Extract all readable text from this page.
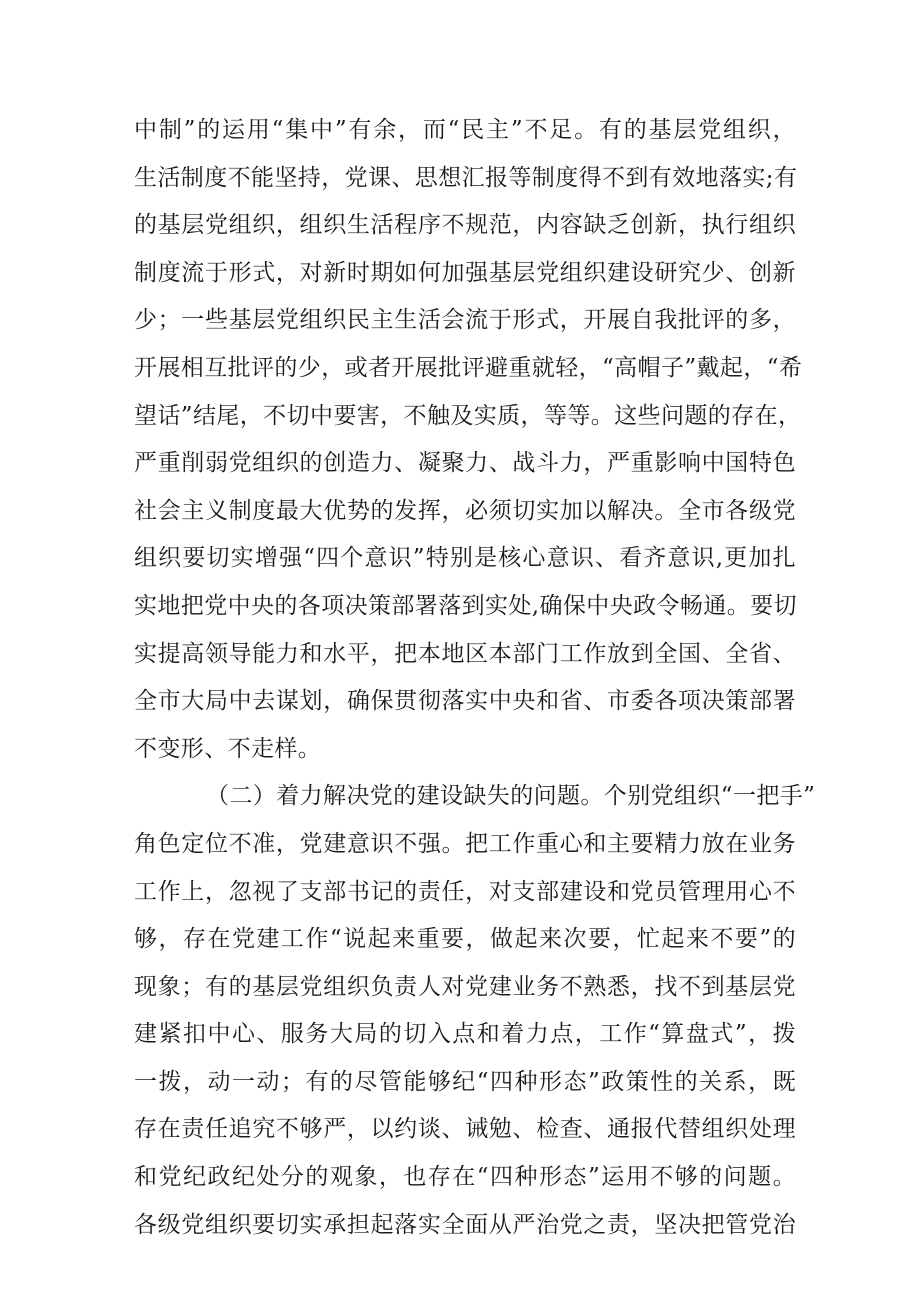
中制”的运用“集中”有余，而“民主”不足。有的基层党组织，
生活制度不能坚持，党课、思想汇报等制度得不到有效地落实;有
的基层党组织，组织生活程序不规范，内容缺乏创新，执行组织
制度流于形式，对新时期如何加强基层党组织建设研究少、创新
少；一些基层党组织民主生活会流于形式，开展自我批评的多，
开展相互批评的少，或者开展批评避重就轻，“高帽子”戴起，“希
望话”结尾，不切中要害，不触及实质，等等。这些问题的存在，
严重削弱党组织的创造力、凝聚力、战斗力，严重影响中国特色
社会主义制度最大优势的发挥，必须切实加以解决。全市各级党
组织要切实增强“四个意识”特别是核心意识、看齐意识,更加扎
实地把党中央的各项决策部署落到实处,确保中央政令畅通。要切
实提高领导能力和水平，把本地区本部门工作放到全国、全省、
全市大局中去谋划，确保贯彻落实中央和省、市委各项决策部署
不变形、不走样。
（二）着力解决党的建设缺失的问题。个别党组织“一把手”
角色定位不准，党建意识不强。把工作重心和主要精力放在业务
工作上，忽视了支部书记的责任，对支部建设和党员管理用心不
够，存在党建工作“说起来重要，做起来次要，忙起来不要”的
现象；有的基层党组织负责人对党建业务不熟悉，找不到基层党
建紧扣中心、服务大局的切入点和着力点，工作“算盘式”，拨
一拨，动一动；有的尽管能够纪“四种形态”政策性的关系，既
存在责任追究不够严，以约谈、诫勉、检查、通报代替组织处理
和党纪政纪处分的观象，也存在“四种形态”运用不够的问题。
各级党组织要切实承担起落实全面从严治党之责，坚决把管党治
